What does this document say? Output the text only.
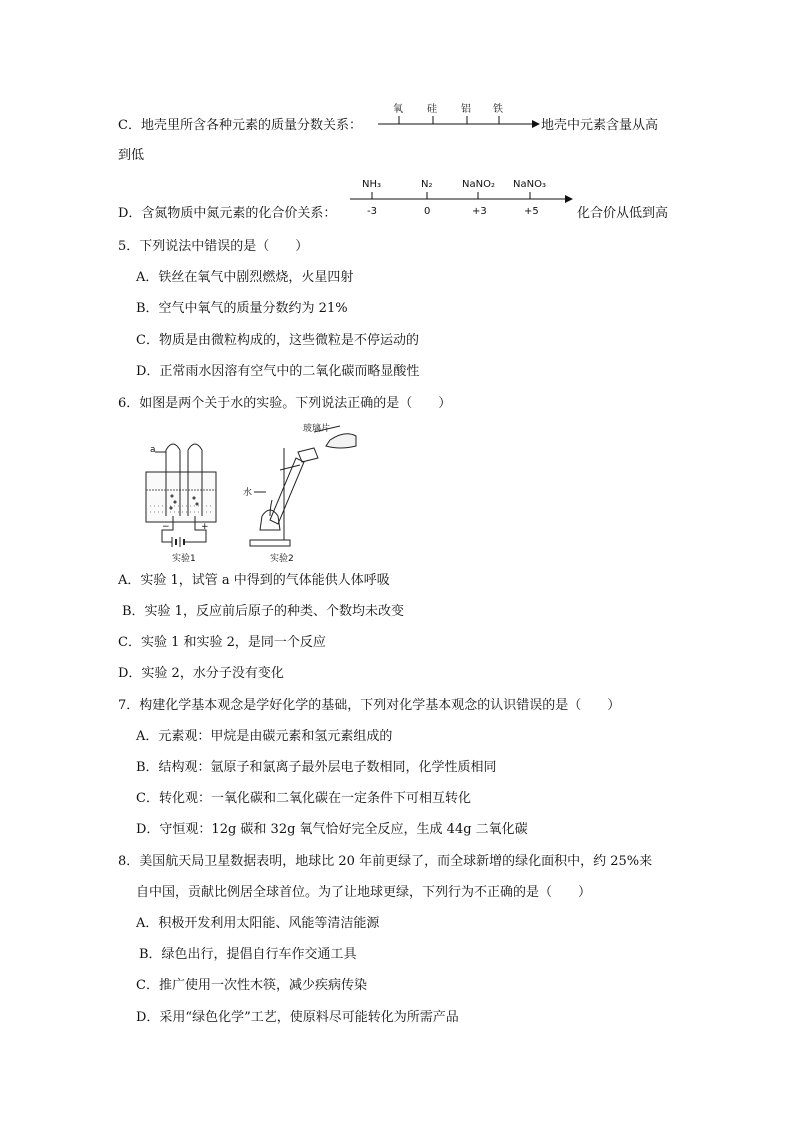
C．地壳里所含各种元素的质量分数关系：
氧 硅 铝 铁
地壳中元素含量从高
到低
D．含氮物质中氮元素的化合价关系：
NH₃	N₂	NaNO₂ NaNO₃
-3	0	+3	+5	化合价从低到高
5．下列说法中错误的是（　　）
A．铁丝在氧气中剧烈燃烧，火星四射
B．空气中氧气的质量分数约为 21%
C．物质是由微粒构成的，这些微粒是不停运动的
D．正常雨水因溶有空气中的二氧化碳而略显酸性
6．如图是两个关于水的实验。下列说法正确的是（　　）
a
玻璃片
水
−	+
实验1	实验2
A．实验 1，试管 a 中得到的气体能供人体呼吸
B．实验 1，反应前后原子的种类、个数均未改变
C．实验 1 和实验 2，是同一个反应
D．实验 2，水分子没有变化
7．构建化学基本观念是学好化学的基础，下列对化学基本观念的认识错误的是（　　）
A．元素观：甲烷是由碳元素和氢元素组成的
B．结构观：氩原子和氯离子最外层电子数相同，化学性质相同
C．转化观：一氧化碳和二氧化碳在一定条件下可相互转化
D．守恒观：12g 碳和 32g 氧气恰好完全反应，生成 44g 二氧化碳
8．美国航天局卫星数据表明，地球比 20 年前更绿了，而全球新增的绿化面积中，约 25%来
自中国，贡献比例居全球首位。为了让地球更绿，下列行为不正确的是（　　）
A．积极开发利用太阳能、风能等清洁能源
B．绿色出行，提倡自行车作交通工具
C．推广使用一次性木筷，减少疾病传染
D．采用“绿色化学”工艺，使原料尽可能转化为所需产品
